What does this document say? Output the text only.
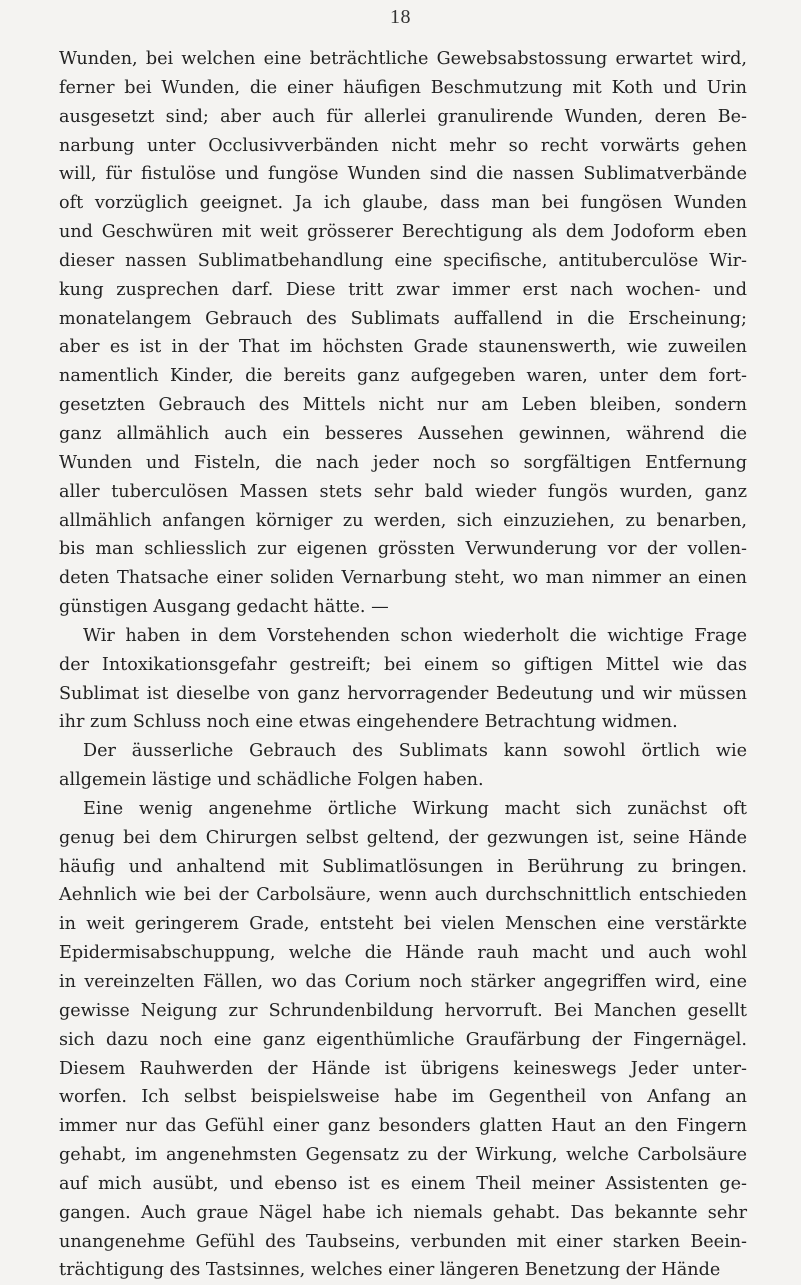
18
Wunden, bei welchen eine beträchtliche Gewebsabstossung erwartet wird,
ferner bei Wunden, die einer häufigen Beschmutzung mit Koth und Urin
ausgesetzt sind; aber auch für allerlei granulirende Wunden, deren Be-
narbung unter Occlusivverbänden nicht mehr so recht vorwärts gehen
will, für fistulöse und fungöse Wunden sind die nassen Sublimatverbände
oft vorzüglich geeignet. Ja ich glaube, dass man bei fungösen Wunden
und Geschwüren mit weit grösserer Berechtigung als dem Jodoform eben
dieser nassen Sublimatbehandlung eine specifische, antituberculöse Wir-
kung zusprechen darf. Diese tritt zwar immer erst nach wochen- und
monatelangem Gebrauch des Sublimats auffallend in die Erscheinung;
aber es ist in der That im höchsten Grade staunenswerth, wie zuweilen
namentlich Kinder, die bereits ganz aufgegeben waren, unter dem fort-
gesetzten Gebrauch des Mittels nicht nur am Leben bleiben, sondern
ganz allmählich auch ein besseres Aussehen gewinnen, während die
Wunden und Fisteln, die nach jeder noch so sorgfältigen Entfernung
aller tuberculösen Massen stets sehr bald wieder fungös wurden, ganz
allmählich anfangen körniger zu werden, sich einzuziehen, zu benarben,
bis man schliesslich zur eigenen grössten Verwunderung vor der vollen-
deten Thatsache einer soliden Vernarbung steht, wo man nimmer an einen
günstigen Ausgang gedacht hätte. —
Wir haben in dem Vorstehenden schon wiederholt die wichtige Frage
der Intoxikationsgefahr gestreift; bei einem so giftigen Mittel wie das
Sublimat ist dieselbe von ganz hervorragender Bedeutung und wir müssen
ihr zum Schluss noch eine etwas eingehendere Betrachtung widmen.
Der äusserliche Gebrauch des Sublimats kann sowohl örtlich wie
allgemein lästige und schädliche Folgen haben.
Eine wenig angenehme örtliche Wirkung macht sich zunächst oft
genug bei dem Chirurgen selbst geltend, der gezwungen ist, seine Hände
häufig und anhaltend mit Sublimatlösungen in Berührung zu bringen.
Aehnlich wie bei der Carbolsäure, wenn auch durchschnittlich entschieden
in weit geringerem Grade, entsteht bei vielen Menschen eine verstärkte
Epidermisabschuppung, welche die Hände rauh macht und auch wohl
in vereinzelten Fällen, wo das Corium noch stärker angegriffen wird, eine
gewisse Neigung zur Schrundenbildung hervorruft. Bei Manchen gesellt
sich dazu noch eine ganz eigenthümliche Graufärbung der Fingernägel.
Diesem Rauhwerden der Hände ist übrigens keineswegs Jeder unter-
worfen. Ich selbst beispielsweise habe im Gegentheil von Anfang an
immer nur das Gefühl einer ganz besonders glatten Haut an den Fingern
gehabt, im angenehmsten Gegensatz zu der Wirkung, welche Carbolsäure
auf mich ausübt, und ebenso ist es einem Theil meiner Assistenten ge-
gangen. Auch graue Nägel habe ich niemals gehabt. Das bekannte sehr
unangenehme Gefühl des Taubseins, verbunden mit einer starken Beein-
trächtigung des Tastsinnes, welches einer längeren Benetzung der Hände
